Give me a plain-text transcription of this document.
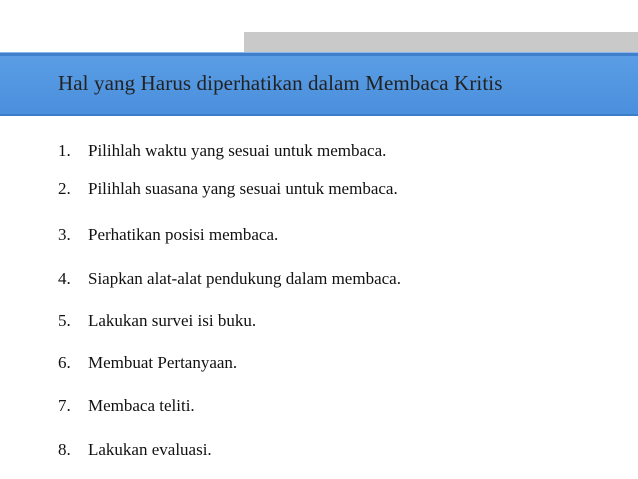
Hal yang Harus diperhatikan dalam Membaca Kritis
1.	Pilihlah waktu yang sesuai untuk membaca.
2.	Pilihlah suasana yang sesuai untuk membaca.
3.	Perhatikan posisi membaca.
4.	Siapkan alat-alat pendukung dalam membaca.
5.	Lakukan survei isi buku.
6.	Membuat Pertanyaan.
7.	Membaca teliti.
8.	Lakukan evaluasi.
